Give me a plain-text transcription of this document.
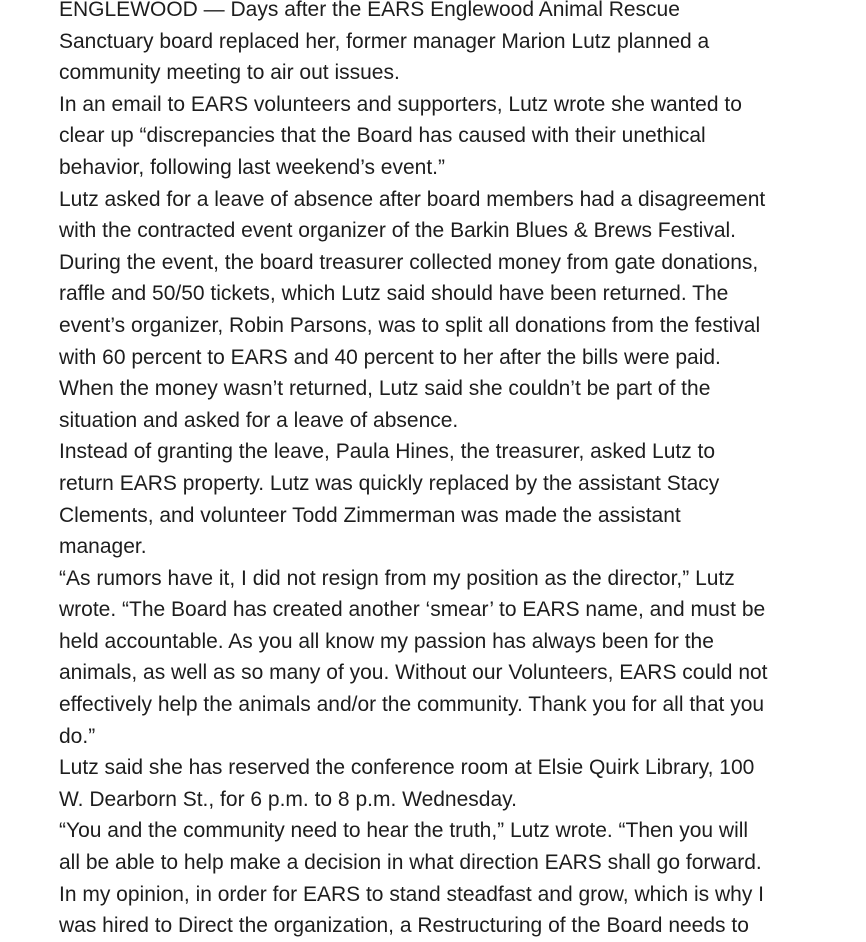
ENGLEWOOD — Days after the EARS Englewood Animal Rescue
Sanctuary board replaced her, former manager Marion Lutz planned a
community meeting to air out issues.

In an email to EARS volunteers and supporters, Lutz wrote she wanted to
clear up “discrepancies that the Board has caused with their unethical
behavior, following last weekend’s event.”

Lutz asked for a leave of absence after board members had a disagreement
with the contracted event organizer of the Barkin Blues & Brews Festival.
During the event, the board treasurer collected money from gate donations,
raffle and 50/50 tickets, which Lutz said should have been returned. The
event’s organizer, Robin Parsons, was to split all donations from the festival
with 60 percent to EARS and 40 percent to her after the bills were paid.
When the money wasn’t returned, Lutz said she couldn’t be part of the
situation and asked for a leave of absence.

Instead of granting the leave, Paula Hines, the treasurer, asked Lutz to
return EARS property. Lutz was quickly replaced by the assistant Stacy
Clements, and volunteer Todd Zimmerman was made the assistant
manager.

“As rumors have it, I did not resign from my position as the director,” Lutz
wrote. “The Board has created another ‘smear’ to EARS name, and must be
held accountable. As you all know my passion has always been for the
animals, as well as so many of you. Without our Volunteers, EARS could not
effectively help the animals and/or the community. Thank you for all that you
do.”

Lutz said she has reserved the conference room at Elsie Quirk Library, 100
W. Dearborn St., for 6 p.m. to 8 p.m. Wednesday.

“You and the community need to hear the truth,” Lutz wrote. “Then you will
all be able to help make a decision in what direction EARS shall go forward.
In my opinion, in order for EARS to stand steadfast and grow, which is why I
was hired to Direct the organization, a Restructuring of the Board needs to
